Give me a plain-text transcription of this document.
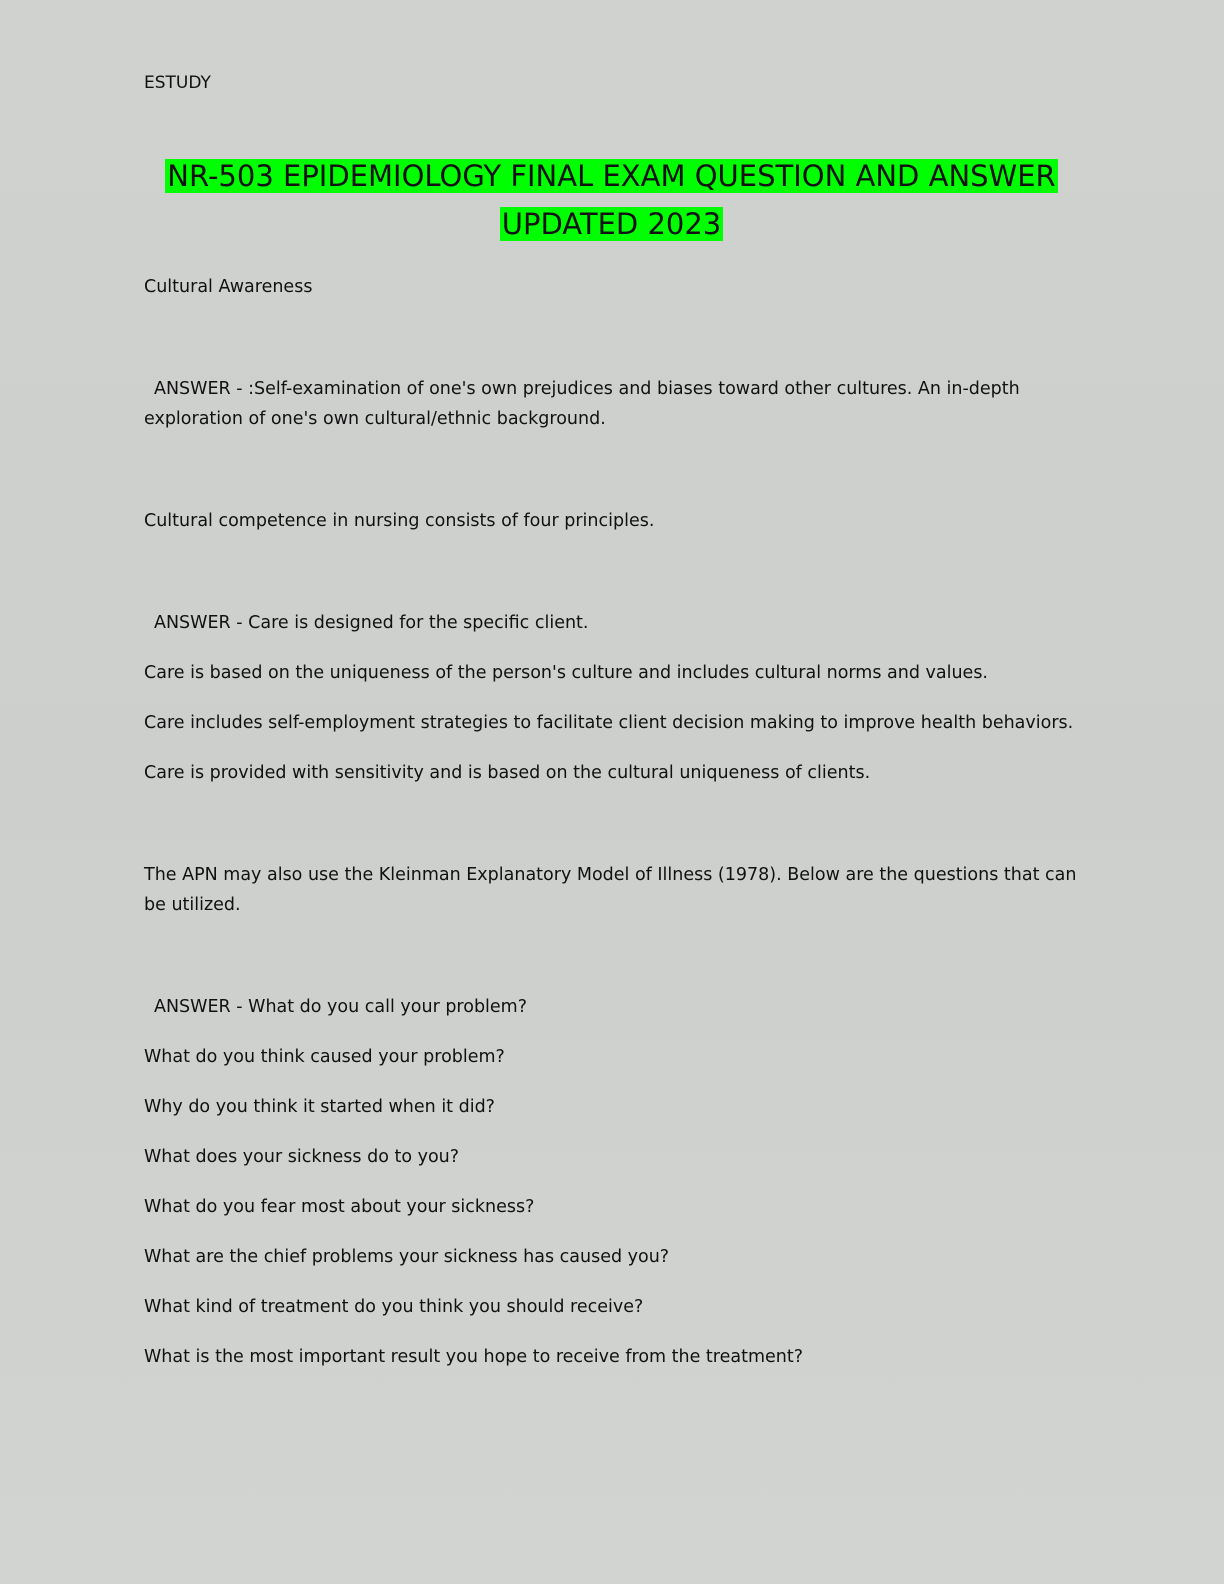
ESTUDY
NR-503 EPIDEMIOLOGY FINAL EXAM QUESTION AND ANSWER
UPDATED 2023

Cultural Awareness

ANSWER - :Self-examination of one's own prejudices and biases toward other cultures. An in-depth exploration of one's own cultural/ethnic background.

Cultural competence in nursing consists of four principles.

ANSWER - Care is designed for the specific client.

Care is based on the uniqueness of the person's culture and includes cultural norms and values.

Care includes self-employment strategies to facilitate client decision making to improve health behaviors.

Care is provided with sensitivity and is based on the cultural uniqueness of clients.

The APN may also use the Kleinman Explanatory Model of Illness (1978). Below are the questions that can be utilized.

ANSWER - What do you call your problem?

What do you think caused your problem?

Why do you think it started when it did?

What does your sickness do to you?

What do you fear most about your sickness?

What are the chief problems your sickness has caused you?

What kind of treatment do you think you should receive?

What is the most important result you hope to receive from the treatment?
